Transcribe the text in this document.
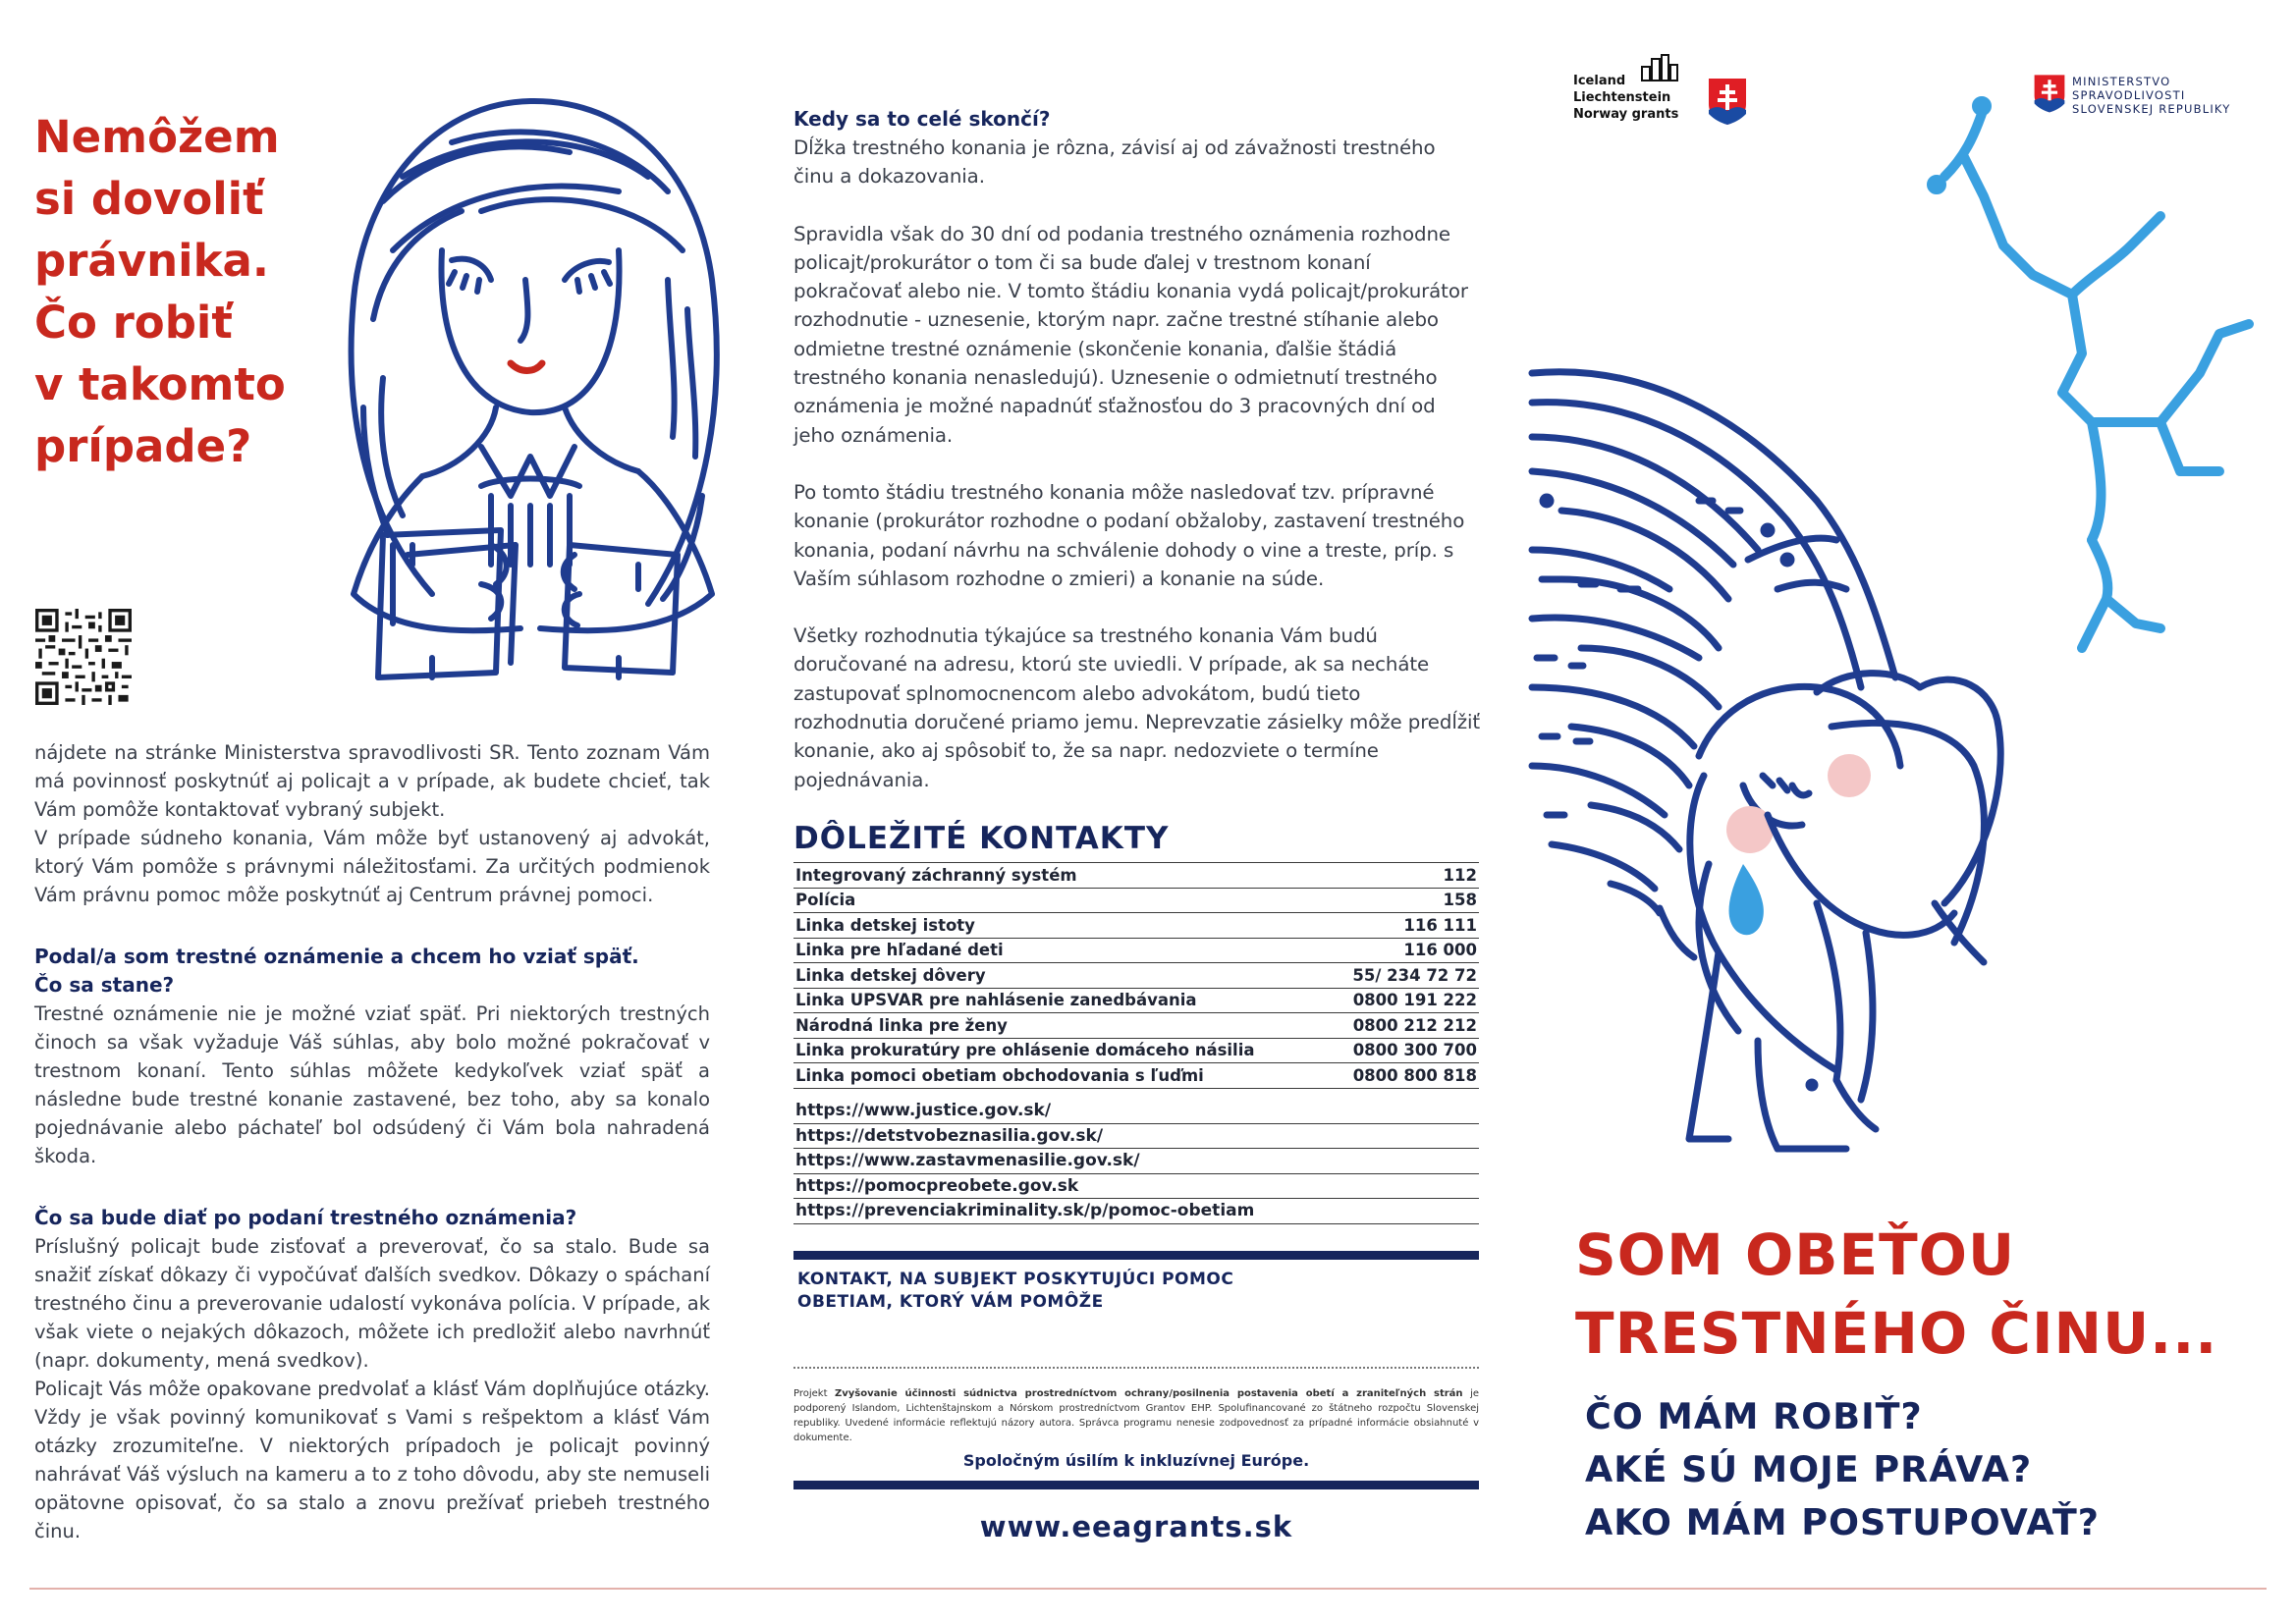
Nemôžem
si dovoliť
právnika.
Čo robiť
v takomto
prípade?

nájdete na stránke Ministerstva spravodlivosti SR. Tento zoznam Vám má povinnosť poskytnúť aj policajt a v prípade, ak budete chcieť, tak Vám pomôže kontaktovať vybraný subjekt.

V prípade súdneho konania, Vám môže byť ustanovený aj advokát, ktorý Vám pomôže s právnymi náležitosťami. Za určitých podmienok Vám právnu pomoc môže poskytnúť aj Centrum právnej pomoci.

Podal/a som trestné oznámenie a chcem ho vziať späť.

Čo sa stane?

Trestné oznámenie nie je možné vziať späť. Pri niektorých trestných činoch sa však vyžaduje Váš súhlas, aby bolo možné pokračovať v trestnom konaní. Tento súhlas môžete kedykoľvek vziať späť a následne bude trestné konanie zastavené, bez toho, aby sa konalo pojednávanie alebo páchateľ bol odsúdený či Vám bola nahradená škoda.

Čo sa bude diať po podaní trestného oznámenia?

Príslušný policajt bude zisťovať a preverovať, čo sa stalo. Bude sa snažiť získať dôkazy či vypočúvať ďalších svedkov. Dôkazy o spáchaní trestného činu a preverovanie udalostí vykonáva polícia. V prípade, ak však viete o nejakých dôkazoch, môžete ich predložiť alebo navrhnúť (napr. dokumenty, mená svedkov).

Policajt Vás môže opakovane predvolať a klásť Vám doplňujúce otázky. Vždy je však povinný komunikovať s Vami s rešpektom a klásť Vám otázky zrozumiteľne. V niektorých prípadoch je policajt povinný nahrávať Váš výsluch na kameru a to z toho dôvodu, aby ste nemuseli opätovne opisovať, čo sa stalo a znovu prežívať priebeh trestného činu.

Kedy sa to celé skončí?

Dĺžka trestného konania je rôzna, závisí aj od závažnosti trestného činu a dokazovania.

Spravidla však do 30 dní od podania trestného oznámenia rozhodne policajt/prokurátor o tom či sa bude ďalej v trestnom konaní pokračovať alebo nie. V tomto štádiu konania vydá policajt/prokurátor rozhodnutie - uznesenie, ktorým napr. začne trestné stíhanie alebo odmietne trestné oznámenie (skončenie konania, ďalšie štádiá trestného konania nenasledujú). Uznesenie o odmietnutí trestného oznámenia je možné napadnúť sťažnosťou do 3 pracovných dní od jeho oznámenia.

Po tomto štádiu trestného konania môže nasledovať tzv. prípravné konanie (prokurátor rozhodne o podaní obžaloby, zastavení trestného konania, podaní návrhu na schválenie dohody o vine a treste, príp. s Vaším súhlasom rozhodne o zmieri) a konanie na súde.

Všetky rozhodnutia týkajúce sa trestného konania Vám budú doručované na adresu, ktorú ste uviedli. V prípade, ak sa necháte zastupovať splnomocnencom alebo advokátom, budú tieto rozhodnutia doručené priamo jemu. Neprevzatie zásielky môže predĺžiť konanie, ako aj spôsobiť to, že sa napr. nedozviete o termíne pojednávania.

DÔLEŽITÉ KONTAKTY
Integrovaný záchranný systém	112
Polícia	158
Linka detskej istoty	116 111
Linka pre hľadané deti	116 000
Linka detskej dôvery	55/ 234 72 72
Linka UPSVAR pre nahlásenie zanedbávania	0800 191 222
Národná linka pre ženy	0800 212 212
Linka prokuratúry pre ohlásenie domáceho násilia	0800 300 700
Linka pomoci obetiam obchodovania s ľuďmi	0800 800 818
https://www.justice.gov.sk/
https://detstvobeznasilia.gov.sk/
https://www.zastavmenasilie.gov.sk/
https://pomocpreobete.gov.sk
https://prevenciakriminality.sk/p/pomoc-obetiam

KONTAKT, NA SUBJEKT POSKYTUJÚCI POMOC
OBETIAM, KTORÝ VÁM POMÔŽE

Projekt Zvyšovanie účinnosti súdnictva prostredníctvom ochrany/posilnenia postavenia obetí a zraniteľných strán je podporený Islandom, Lichtenštajnskom a Nórskom prostredníctvom Grantov EHP. Spolufinancované zo štátneho rozpočtu Slovenskej republiky. Uvedené informácie reflektujú názory autora. Správca programu nenesie zodpovednosť za prípadné informácie obsiahnuté v dokumente.

Spoločným úsilím k inkluzívnej Európe.

www.eeagrants.sk

Iceland
Liechtenstein
Norway grants

MINISTERSTVO
SPRAVODLIVOSTI
SLOVENSKEJ REPUBLIKY

SOM OBEŤOU
TRESTNÉHO ČINU...
ČO MÁM ROBIŤ?
AKÉ SÚ MOJE PRÁVA?
AKO MÁM POSTUPOVAŤ?
